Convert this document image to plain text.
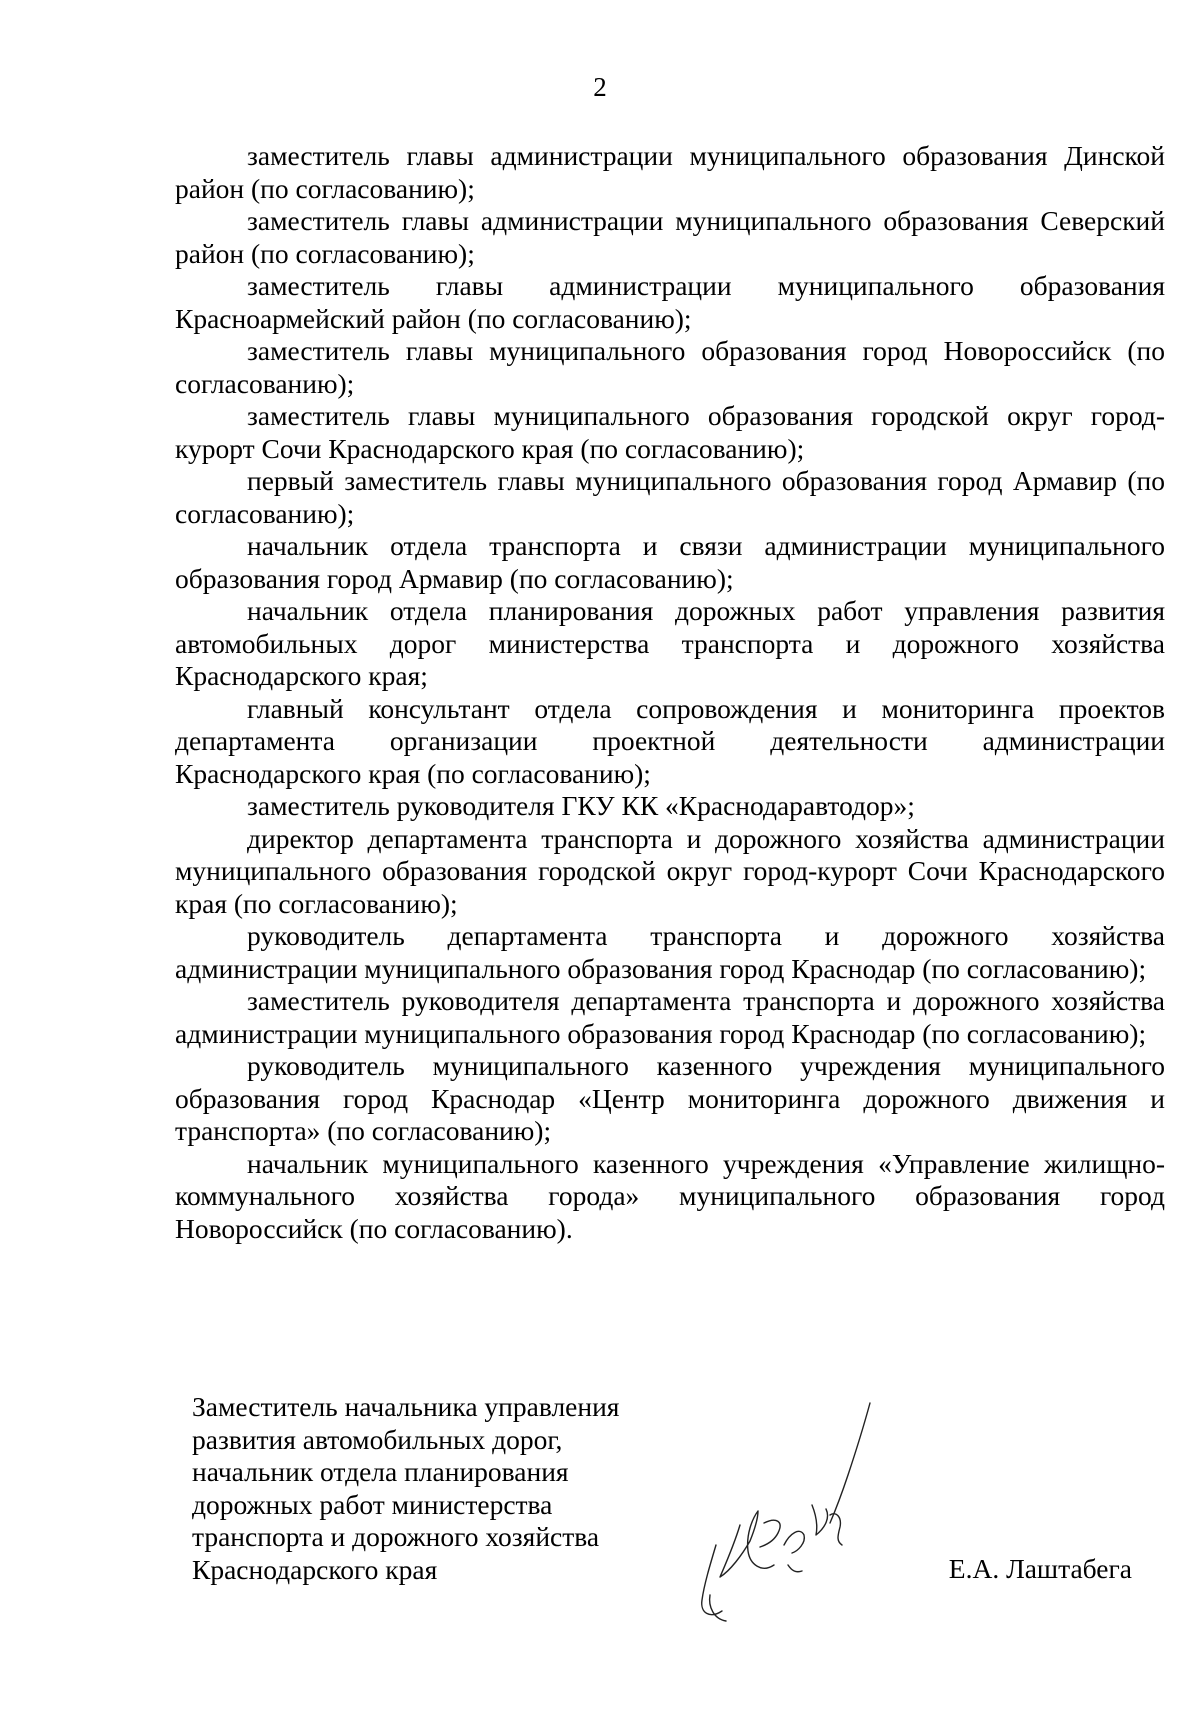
2

заместитель главы администрации муниципального образования Динской район (по согласованию);

заместитель главы администрации муниципального образования Северский район (по согласованию);

заместитель главы администрации муниципального образования Красноармейский район (по согласованию);

заместитель главы муниципального образования город Новороссийск (по согласованию);

заместитель главы муниципального образования городской округ город-курорт Сочи Краснодарского края (по согласованию);

первый заместитель главы муниципального образования город Армавир (по согласованию);

начальник отдела транспорта и связи администрации муниципального образования город Армавир (по согласованию);

начальник отдела планирования дорожных работ управления развития автомобильных дорог министерства транспорта и дорожного хозяйства Краснодарского края;

главный консультант отдела сопровождения и мониторинга проектов департамента организации проектной деятельности администрации Краснодарского края (по согласованию);

заместитель руководителя ГКУ КК «Краснодаравтодор»;

директор департамента транспорта и дорожного хозяйства администрации муниципального образования городской округ город-курорт Сочи Краснодарского края (по согласованию);

руководитель департамента транспорта и дорожного хозяйства администрации муниципального образования город Краснодар (по согласованию);

заместитель руководителя департамента транспорта и дорожного хозяйства администрации муниципального образования город Краснодар (по согласованию);

руководитель муниципального казенного учреждения муниципального образования город Краснодар «Центр мониторинга дорожного движения и транспорта» (по согласованию);

начальник муниципального казенного учреждения «Управление жилищно-коммунального хозяйства города» муниципального образования город Новороссийск (по согласованию).

Заместитель начальника управления
развития автомобильных дорог,
начальник отдела планирования
дорожных работ министерства
транспорта и дорожного хозяйства
Краснодарского края	Е.А. Лаштабега
